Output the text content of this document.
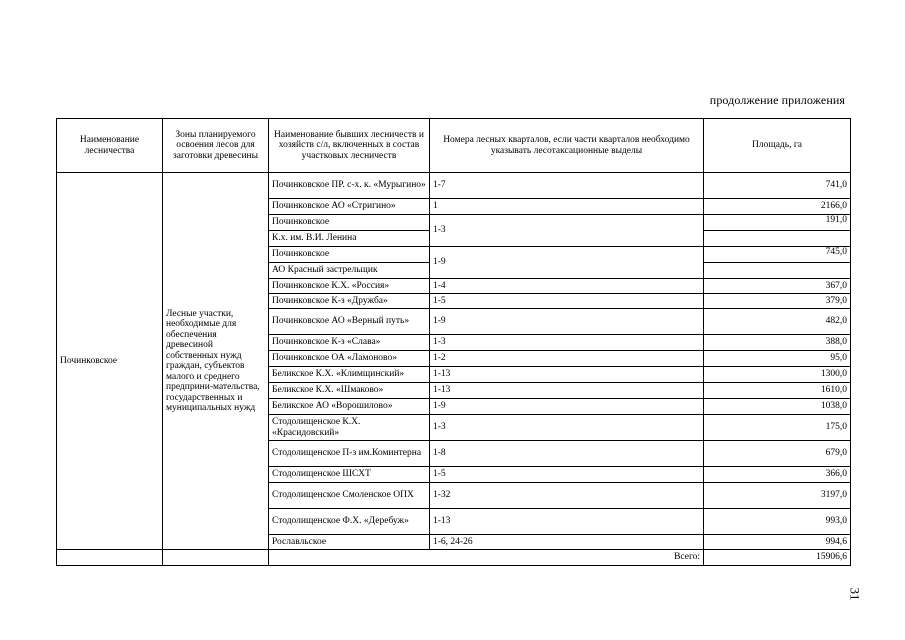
продолжение приложения
Наименование лесничества	Зоны планируемого освоения лесов для заготовки древесины	Наименование бывших лесничеств и хозяйств с/л, включенных в состав участковых лесничеств	Номера лесных кварталов, если части кварталов необходимо указывать лесотаксационные выделы	Площадь, га
Починковское	Лесные участки, необходимые для обеспечения древесиной собственных нужд граждан, субъектов малого и среднего предприни-мательства, государственных и муниципальных нужд	Починковское ПР. с-х. к. «Мурыгино»	1-7	741,0
		Починковское АО «Стригино»	1	2166,0
		Починковское	1-3	191,0
		К.х. им. В.И. Ленина		
		Починковское	1-9	745,0
		АО Красный застрельщик		
		Починковское К.Х. «Россия»	1-4	367,0
		Починковское К-з «Дружба»	1-5	379,0
		Починковское АО «Верный путь»	1-9	482,0
		Починковское К-з «Слава»	1-3	388,0
		Починковское ОА «Ламоново»	1-2	95,0
		Беликское К.Х. «Климщинский»	1-13	1300,0
		Беликское К.Х. «Шмаково»	1-13	1610,0
		Беликское АО «Ворошилово»	1-9	1038,0
		Стодолищенское К.Х. «Красидовский»	1-3	175,0
		Стодолищенское П-з им.Коминтерна	1-8	679,0
		Стодолищенское ШСХТ	1-5	366,0
		Стодолищенское Смоленское ОПХ	1-32	3197,0
		Стодолищенское Ф.Х. «Деребуж»	1-13	993,0
		Рославльское	1-6, 24-26	994,6
		Всего:		15906,6
31
